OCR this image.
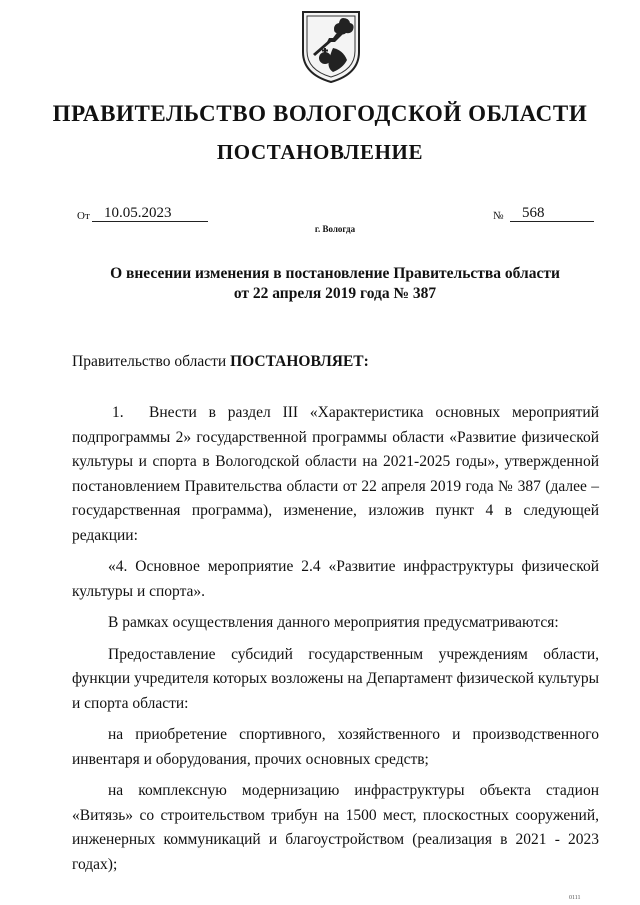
ПРАВИТЕЛЬСТВО ВОЛОГОДСКОЙ ОБЛАСТИ
ПОСТАНОВЛЕНИЕ
От 10.05.2023	№	568
г. Вологда
О внесении изменения в постановление Правительства области
от 22 апреля 2019 года № 387
Правительство области ПОСТАНОВЛЯЕТ:

1. Внести в раздел III «Характеристика основных мероприятий подпрограммы 2» государственной программы области «Развитие физической культуры и спорта в Вологодской области на 2021-2025 годы», утвержденной постановлением Правительства области от 22 апреля 2019 года № 387 (далее – государственная программа), изменение, изложив пункт 4 в следующей редакции:

«4. Основное мероприятие 2.4 «Развитие инфраструктуры физической культуры и спорта».

В рамках осуществления данного мероприятия предусматриваются:

Предоставление субсидий государственным учреждениям области, функции учредителя которых возложены на Департамент физической культуры и спорта области:

на приобретение спортивного, хозяйственного и производственного инвентаря и оборудования, прочих основных средств;

на комплексную модернизацию инфраструктуры объекта стадион «Витязь» со строительством трибун на 1500 мест, плоскостных сооружений, инженерных коммуникаций и благоустройством (реализация в 2021 - 2023 годах);

0111
